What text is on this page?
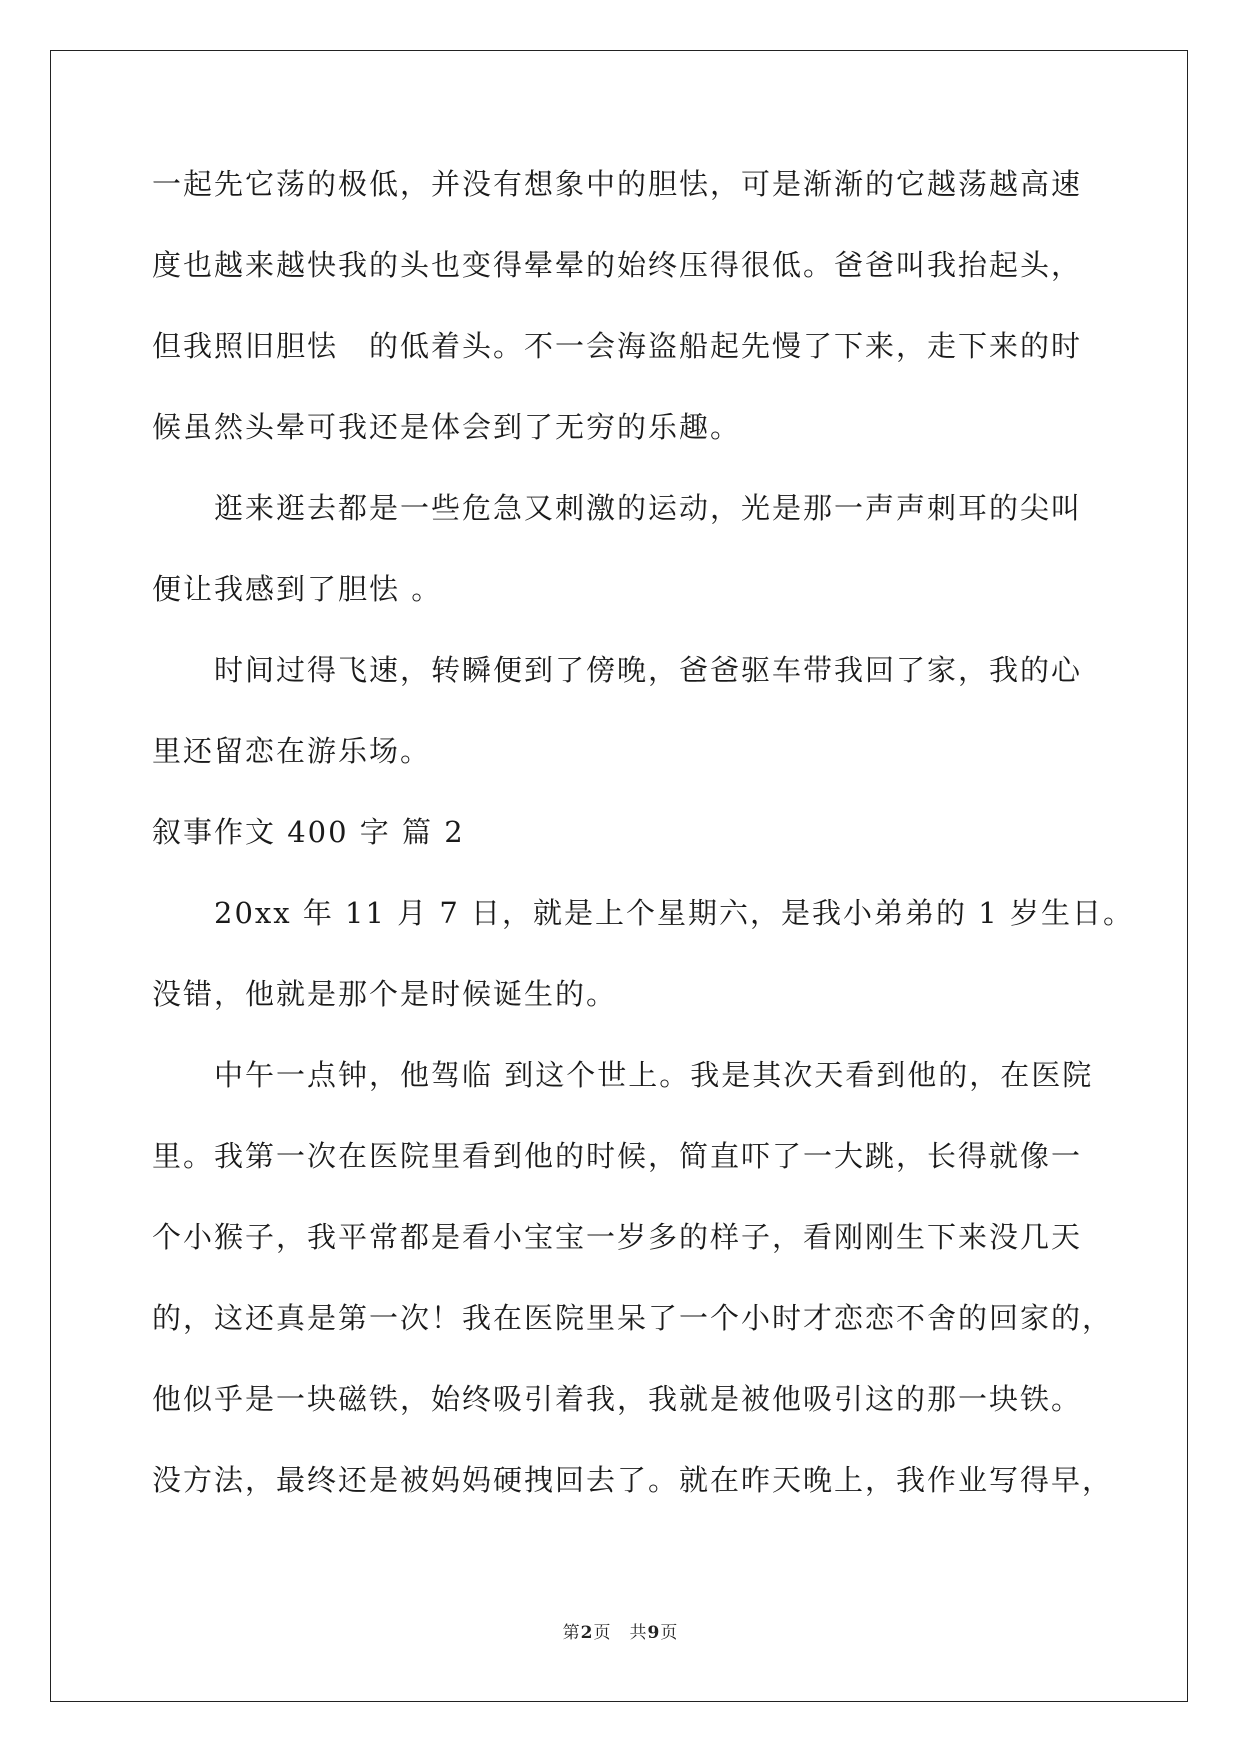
一起先它荡的极低，并没有想象中的胆怯，可是渐渐的它越荡越高速
度也越来越快我的头也变得晕晕的始终压得很低。爸爸叫我抬起头，
但我照旧胆怯　的低着头。不一会海盗船起先慢了下来，走下来的时
候虽然头晕可我还是体会到了无穷的乐趣。
逛来逛去都是一些危急又刺激的运动，光是那一声声刺耳的尖叫
便让我感到了胆怯 。
时间过得飞速，转瞬便到了傍晚，爸爸驱车带我回了家，我的心
里还留恋在游乐场。
叙事作文 400 字 篇 2
20xx 年 11 月 7 日，就是上个星期六，是我小弟弟的 1 岁生日。
没错，他就是那个是时候诞生的。
中午一点钟，他驾临 到这个世上。我是其次天看到他的，在医院
里。我第一次在医院里看到他的时候，简直吓了一大跳，长得就像一
个小猴子，我平常都是看小宝宝一岁多的样子，看刚刚生下来没几天
的，这还真是第一次！我在医院里呆了一个小时才恋恋不舍的回家的，
他似乎是一块磁铁，始终吸引着我，我就是被他吸引这的那一块铁。
没方法，最终还是被妈妈硬拽回去了。就在昨天晚上，我作业写得早，
第2页　共9页
